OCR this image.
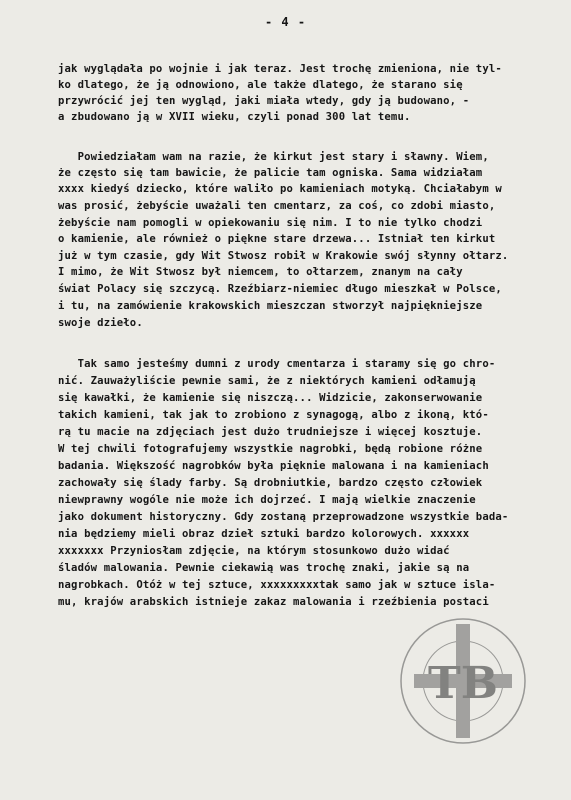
- 4 -
jak wyglądała po wojnie i jak teraz. Jest trochę zmieniona, nie tyl-
ko dlatego, że ją odnowiono, ale także dlatego, że starano się
przywrócić jej ten wygląd, jaki miała wtedy, gdy ją budowano, -
a zbudowano ją w XVII wieku, czyli ponad 300 lat temu.
Powiedziałam wam na razie, że kirkut jest stary i sławny. Wiem,
że często się tam bawicie, że palicie tam ogniska. Sama widziałam
xxxx kiedyś dziecko, które waliło po kamieniach motyką. Chciałabym w
was prosić, żebyście uważali ten cmentarz, za coś, co zdobi miasto,
żebyście nam pomogli w opiekowaniu się nim. I to nie tylko chodzi
o kamienie, ale również o piękne stare drzewa... Istniał ten kirkut
już w tym czasie, gdy Wit Stwosz robił w Krakowie swój słynny ołtarz.
I mimo, że Wit Stwosz był niemcem, to ołtarzem, znanym na cały
świat Polacy się szczycą. Rzeźbiarz-niemiec długo mieszkał w Polsce,
i tu, na zamówienie krakowskich mieszczan stworzył najpiękniejsze
swoje dzieło.
Tak samo jesteśmy dumni z urody cmentarza i staramy się go chro-
nić. Zauważyliście pewnie sami, że z niektórych kamieni odłamują
się kawałki, że kamienie się niszczą... Widzicie, zakonserwowanie
takich kamieni, tak jak to zrobiono z synagogą, albo z ikoną, któ-
rą tu macie na zdjęciach jest dużo trudniejsze i więcej kosztuje.
W tej chwili fotografujemy wszystkie nagrobki, będą robione różne
badania. Większość nagrobków była pięknie malowana i na kamieniach
zachowały się ślady farby. Są drobniutkie, bardzo często człowiek
niewprawny wogóle nie może ich dojrzeć. I mają wielkie znaczenie
jako dokument historyczny. Gdy zostaną przeprowadzone wszystkie bada-
nia będziemy mieli obraz dzieł sztuki bardzo kolorowych. xxxxxx
xxxxxxx Przyniosłam zdjęcie, na którym stosunkowo dużo widać
śladów malowania. Pewnie ciekawią was trochę znaki, jakie są na
nagrobkach. Otóż w tej sztuce, xxxxxxxxxtak samo jak w sztuce isla-
mu, krajów arabskich istnieje zakaz malowania i rzeźbienia postaci
TB
